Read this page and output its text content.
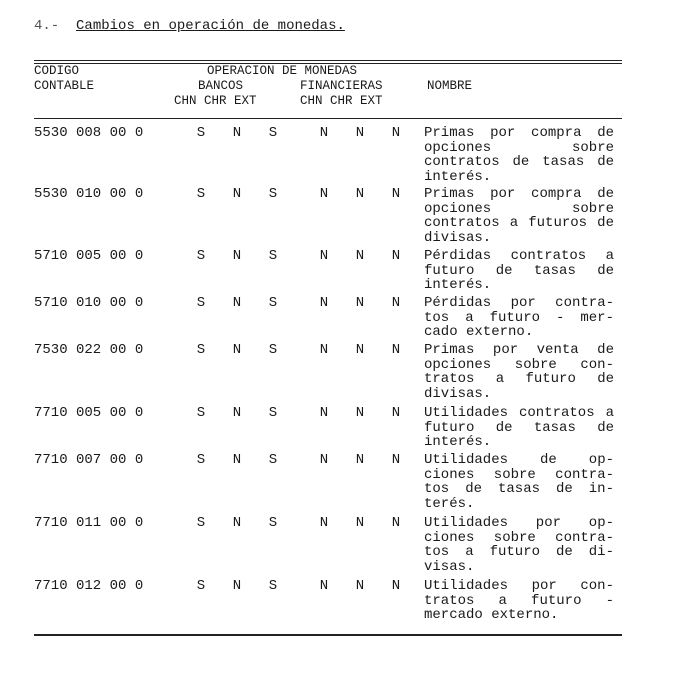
4.- Cambios en operación de monedas.
CODIGO
CONTABLE
OPERACION DE MONEDAS
BANCOS	FINANCIERAS
CHN CHR EXT	CHN CHR EXT
NOMBRE
5530 008 00 0	S	N	S	N	N	N	Primas por compra de opciones sobre contratos de tasas de interés.
5530 010 00 0	S	N	S	N	N	N	Primas por compra de opciones sobre contratos a futuros de divisas.
5710 005 00 0	S	N	S	N	N	N	Pérdidas contratos a futuro de tasas de interés.
5710 010 00 0	S	N	S	N	N	N	Pérdidas por contra-tos a futuro - mer-cado externo.
7530 022 00 0	S	N	S	N	N	N	Primas por venta de opciones sobre con-tratos a futuro de divisas.
7710 005 00 0	S	N	S	N	N	N	Utilidades contratos a futuro de tasas de interés.
7710 007 00 0	S	N	S	N	N	N	Utilidades de op-ciones sobre contra-tos de tasas de in-terés.
7710 011 00 0	S	N	S	N	N	N	Utilidades por op-ciones sobre contra-tos a futuro de di-visas.
7710 012 00 0	S	N	S	N	N	N	Utilidades por con-tratos a futuro - mercado externo.
